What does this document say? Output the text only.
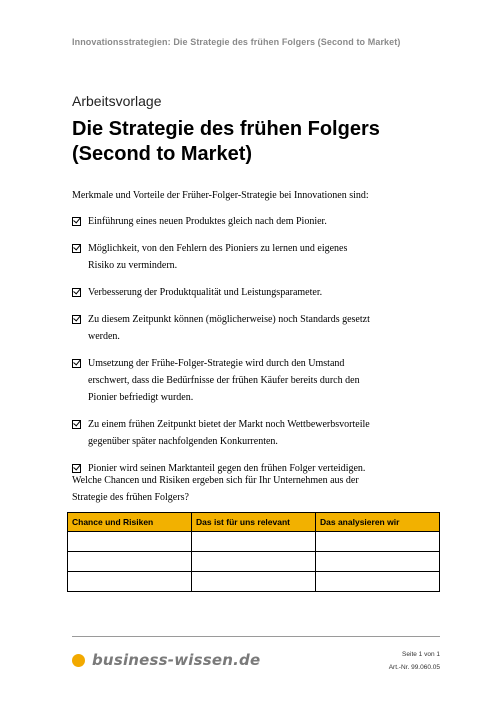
Innovationsstrategien: Die Strategie des frühen Folgers (Second to Market)
Arbeitsvorlage
Die Strategie des frühen Folgers (Second to Market)
Merkmale und Vorteile der Früher-Folger-Strategie bei Innovationen sind:
Einführung eines neuen Produktes gleich nach dem Pionier.
Möglichkeit, von den Fehlern des Pioniers zu lernen und eigenes Risiko zu vermindern.
Verbesserung der Produktqualität und Leistungsparameter.
Zu diesem Zeitpunkt können (möglicherweise) noch Standards gesetzt werden.
Umsetzung der Frühe-Folger-Strategie wird durch den Umstand erschwert, dass die Bedürfnisse der frühen Käufer bereits durch den Pionier befriedigt wurden.
Zu einem frühen Zeitpunkt bietet der Markt noch Wettbewerbsvorteile gegenüber später nachfolgenden Konkurrenten.
Pionier wird seinen Marktanteil gegen den frühen Folger verteidigen.
Welche Chancen und Risiken ergeben sich für Ihr Unternehmen aus der Strategie des frühen Folgers?
Chance und Risiken	Das ist für uns relevant	Das analysieren wir

business-wissen.de	Seite 1 von 1
Art.-Nr. 99.060.05
